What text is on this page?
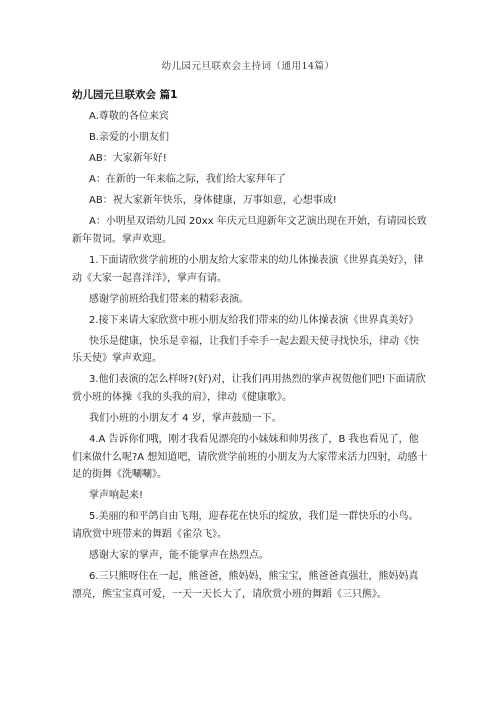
幼儿园元旦联欢会主持词（通用14篇）
幼儿园元旦联欢会 篇1

A.尊敬的各位来宾

B.亲爱的小朋友们

AB：大家新年好!

A：在新的一年来临之际，我们给大家拜年了

AB：祝大家新年快乐，身体健康，万事如意，心想事成!

A：小明星双语幼儿园 20xx 年庆元旦迎新年文艺演出现在开始，有请园长致新年贺词。掌声欢迎。

1.下面请欣赏学前班的小朋友给大家带来的幼儿体操表演《世界真美好》，律动《大家一起喜洋洋》，掌声有请。

感谢学前班给我们带来的精彩表演。

2.接下来请大家欣赏中班小朋友给我们带来的幼儿体操表演《世界真美好》

快乐是健康，快乐是幸福，让我们手牵手一起去跟天使寻找快乐，律动《快乐天使》掌声欢迎。

3.他们表演的怎么样呀?(好)对，让我们再用热烈的掌声祝贺他们吧!下面请欣赏小班的体操《我的头我的肩》，律动《健康歌》。

我们小班的小朋友才 4 岁，掌声鼓励一下。

4.A 告诉你们哦，刚才我看见漂亮的小妹妹和帅男孩了，B 我也看见了，他们来做什么呢?A 想知道吧，请欣赏学前班的小朋友为大家带来活力四射，动感十足的街舞《洗唰唰》。

掌声响起来!

5.美丽的和平鸽自由飞翔，迎春花在快乐的绽放，我们是一群快乐的小鸟。请欣赏中班带来的舞蹈《雀尕飞》。

感谢大家的掌声，能不能掌声在热烈点。

6.三只熊呀住在一起，熊爸爸，熊妈妈，熊宝宝，熊爸爸真强壮，熊妈妈真漂亮，熊宝宝真可爱，一天一天长大了，请欣赏小班的舞蹈《三只熊》。
